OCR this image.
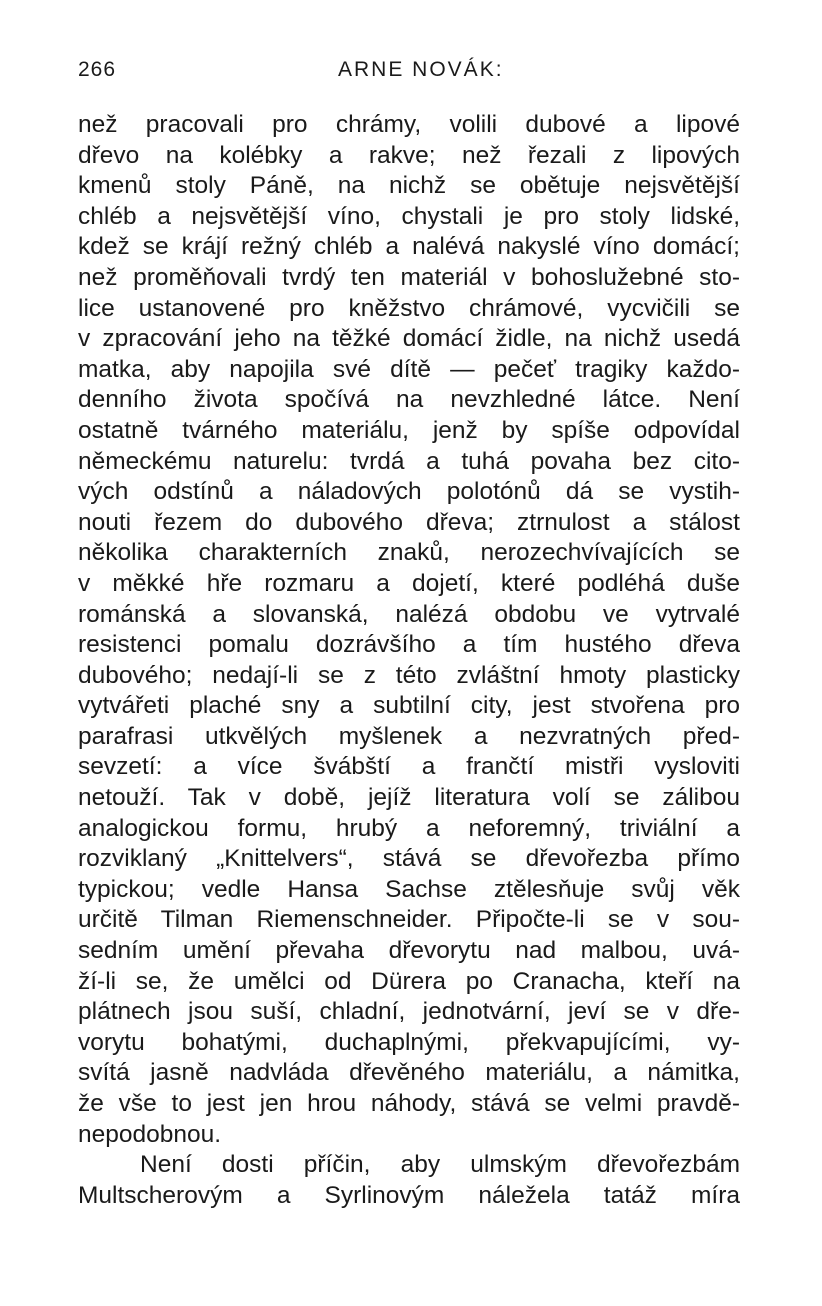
266	ARNE NOVÁK:
než pracovali pro chrámy, volili dubové a lipové
dřevo na kolébky a rakve; než řezali z lipových
kmenů stoly Páně, na nichž se obětuje nejsvětější
chléb a nejsvětější víno, chystali je pro stoly lidské,
kdež se krájí režný chléb a nalévá nakyslé víno domácí;
než proměňovali tvrdý ten materiál v bohoslužebné sto-
lice ustanovené pro kněžstvo chrámové, vycvičili se
v zpracování jeho na těžké domácí židle, na nichž usedá
matka, aby napojila své dítě — pečeť tragiky každo-
denního života spočívá na nevzhledné látce. Není
ostatně tvárného materiálu, jenž by spíše odpovídal
německému naturelu: tvrdá a tuhá povaha bez cito-
vých odstínů a náladových polotónů dá se vystih-
nouti řezem do dubového dřeva; ztrnulost a stálost
několika charakterních znaků, nerozechvívajících se
v měkké hře rozmaru a dojetí, které podléhá duše
románská a slovanská, nalézá obdobu ve vytrvalé
resistenci pomalu dozrávšího a tím hustého dřeva
dubového; nedají-li se z této zvláštní hmoty plasticky
vytvářeti plaché sny a subtilní city, jest stvořena pro
parafrasi utkvělých myšlenek a nezvratných před-
sevzetí: a více švábští a frančtí mistři vysloviti
netouží. Tak v době, jejíž literatura volí se zálibou
analogickou formu, hrubý a neforemný, triviální a
rozviklaný „Knittelvers“, stává se dřevořezba přímo
typickou; vedle Hansa Sachse ztělesňuje svůj věk
určitě Tilman Riemenschneider. Připočte-li se v sou-
sedním umění převaha dřevorytu nad malbou, uvá-
ží-li se, že umělci od Dürera po Cranacha, kteří na
plátnech jsou suší, chladní, jednotvární, jeví se v dře-
vorytu bohatými, duchaplnými, překvapujícími, vy-
svítá jasně nadvláda dřevěného materiálu, a námitka,
že vše to jest jen hrou náhody, stává se velmi pravdě-
nepodobnou.
Není dosti příčin, aby ulmským dřevořezbám
Multscherovým a Syrlinovým náležela tatáž míra
